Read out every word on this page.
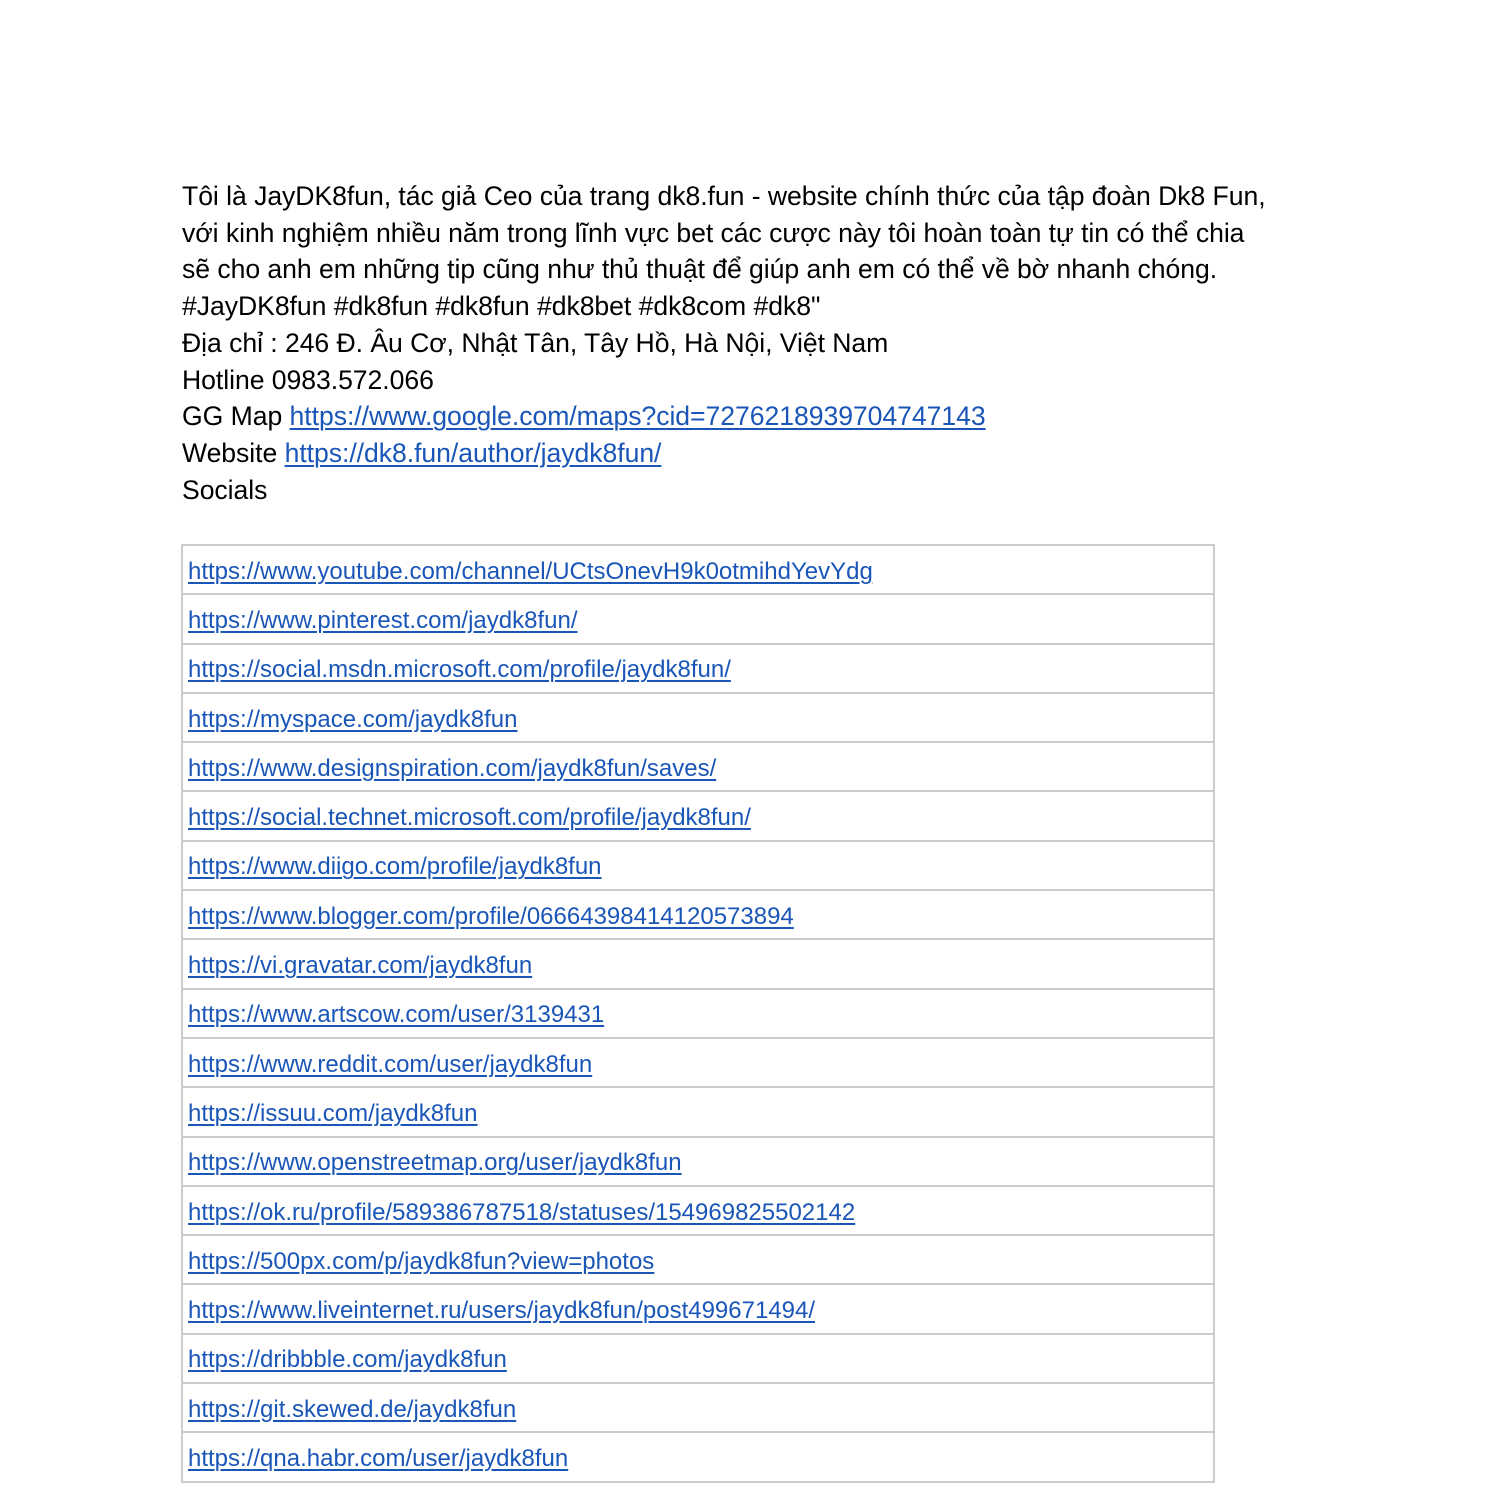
Tôi là JayDK8fun, tác giả Ceo của trang dk8.fun - website chính thức của tập đoàn Dk8 Fun,
với kinh nghiệm nhiều năm trong lĩnh vực bet các cược này tôi hoàn toàn tự tin có thể chia
sẽ cho anh em những tip cũng như thủ thuật để giúp anh em có thể về bờ nhanh chóng.
#JayDK8fun #dk8fun #dk8fun #dk8bet #dk8com #dk8"
Địa chỉ : 246 Đ. Âu Cơ, Nhật Tân, Tây Hồ, Hà Nội, Việt Nam
Hotline 0983.572.066
GG Map https://www.google.com/maps?cid=7276218939704747143
Website https://dk8.fun/author/jaydk8fun/
Socials
https://www.youtube.com/channel/UCtsOnevH9k0otmihdYevYdg
https://www.pinterest.com/jaydk8fun/
https://social.msdn.microsoft.com/profile/jaydk8fun/
https://myspace.com/jaydk8fun
https://www.designspiration.com/jaydk8fun/saves/
https://social.technet.microsoft.com/profile/jaydk8fun/
https://www.diigo.com/profile/jaydk8fun
https://www.blogger.com/profile/06664398414120573894
https://vi.gravatar.com/jaydk8fun
https://www.artscow.com/user/3139431
https://www.reddit.com/user/jaydk8fun
https://issuu.com/jaydk8fun
https://www.openstreetmap.org/user/jaydk8fun
https://ok.ru/profile/589386787518/statuses/154969825502142
https://500px.com/p/jaydk8fun?view=photos
https://www.liveinternet.ru/users/jaydk8fun/post499671494/
https://dribbble.com/jaydk8fun
https://git.skewed.de/jaydk8fun
https://qna.habr.com/user/jaydk8fun
